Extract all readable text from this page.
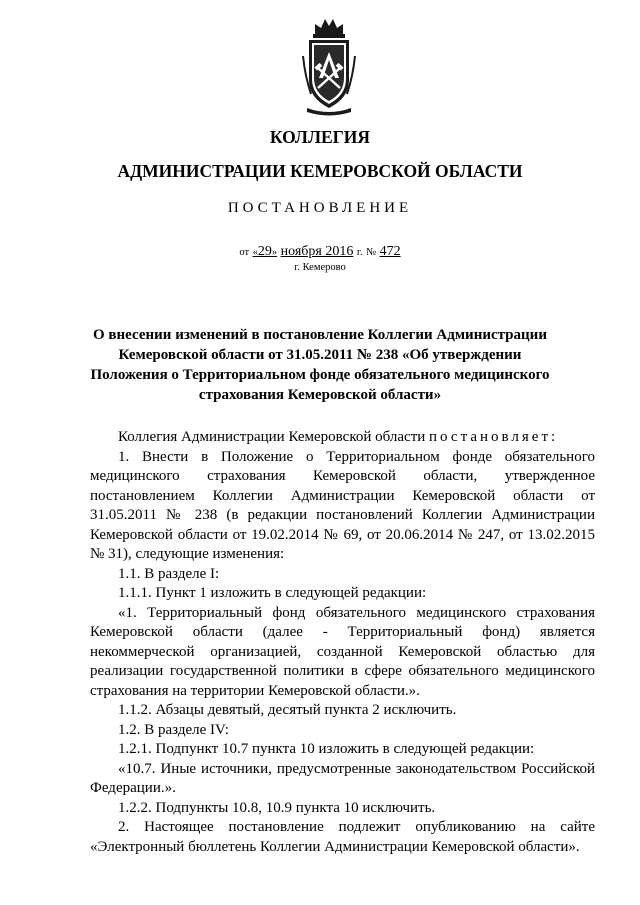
КОЛЛЕГИЯ
АДМИНИСТРАЦИИ КЕМЕРОВСКОЙ ОБЛАСТИ
ПОСТАНОВЛЕНИЕ
от «29» ноября 2016 г. № 472
г. Кемерово
О внесении изменений в постановление Коллегии Администрации Кемеровской области от 31.05.2011 № 238 «Об утверждении Положения о Территориальном фонде обязательного медицинского страхования Кемеровской области»

Коллегия Администрации Кемеровской области постановляет:

1. Внести в Положение о Территориальном фонде обязательного медицинского страхования Кемеровской области, утвержденное постановлением Коллегии Администрации Кемеровской области от 31.05.2011 № 238 (в редакции постановлений Коллегии Администрации Кемеровской области от 19.02.2014 № 69, от 20.06.2014 № 247, от 13.02.2015 № 31), следующие изменения:

1.1. В разделе I:

1.1.1. Пункт 1 изложить в следующей редакции:

«1. Территориальный фонд обязательного медицинского страхования Кемеровской области (далее - Территориальный фонд) является некоммерческой организацией, созданной Кемеровской областью для реализации государственной политики в сфере обязательного медицинского страхования на территории Кемеровской области.».

1.1.2. Абзацы девятый, десятый пункта 2 исключить.

1.2. В разделе IV:

1.2.1. Подпункт 10.7 пункта 10 изложить в следующей редакции:

«10.7. Иные источники, предусмотренные законодательством Российской Федерации.».

1.2.2. Подпункты 10.8, 10.9 пункта 10 исключить.

2. Настоящее постановление подлежит опубликованию на сайте «Электронный бюллетень Коллегии Администрации Кемеровской области».
